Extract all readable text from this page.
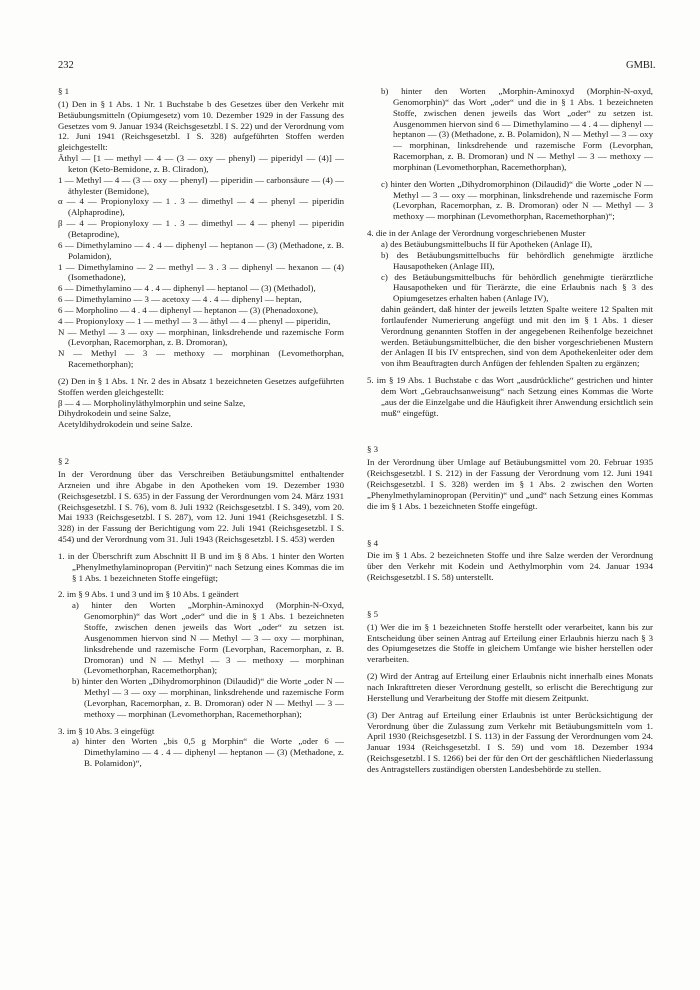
232	GMBl.

§ 1

(1) Den in § 1 Abs. 1 Nr. 1 Buchstabe b des Gesetzes über den Verkehr mit Betäubungsmitteln (Opiumgesetz) vom 10. Dezember 1929 in der Fassung des Gesetzes vom 9. Januar 1934 (Reichsgesetzbl. I S. 22) und der Verordnung vom 12. Juni 1941 (Reichsgesetzbl. I S. 328) aufgeführten Stoffen werden gleichgestellt:

Äthyl — [1 — methyl — 4 — (3 — oxy — phenyl) — piperidyl — (4)] — keton (Keto-Bemidone, z. B. Cliradon),

1 — Methyl — 4 — (3 — oxy — phenyl) — piperidin — carbonsäure — (4) — äthylester (Bemidone),

α — 4 — Propionyloxy — 1 . 3 — dimethyl — 4 — phenyl — piperidin (Alphaprodine),

β — 4 — Propionyloxy — 1 . 3 — dimethyl — 4 — phenyl — piperidin (Betaprodine),

6 — Dimethylamino — 4 . 4 — diphenyl — heptanon — (3) (Methadone, z. B. Polamidon),

1 — Dimethylamino — 2 — methyl — 3 . 3 — diphenyl — hexanon — (4) (Isomethadone),

6 — Dimethylamino — 4 . 4 — diphenyl — heptanol — (3) (Methadol),

6 — Dimethylamino — 3 — acetoxy — 4 . 4 — diphenyl — heptan,

6 — Morpholino — 4 . 4 — diphenyl — heptanon — (3) (Phenadoxone),

4 — Propionyloxy — 1 — methyl — 3 — äthyl — 4 — phenyl — piperidin,

N — Methyl — 3 — oxy — morphinan, linksdrehende und razemische Form (Levorphan, Racemorphan, z. B. Dromoran),

N — Methyl — 3 — methoxy — morphinan (Levomethorphan, Racemethorphan);

(2) Den in § 1 Abs. 1 Nr. 2 des in Absatz 1 bezeichneten Gesetzes aufgeführten Stoffen werden gleichgestellt:

β — 4 — Morpholinyläthylmorphin und seine Salze,

Dihydrokodein und seine Salze,

Acetyldihydrokodein und seine Salze.

§ 2

In der Verordnung über das Verschreiben Betäubungsmittel enthaltender Arzneien und ihre Abgabe in den Apotheken vom 19. Dezember 1930 (Reichsgesetzbl. I S. 635) in der Fassung der Verordnungen vom 24. März 1931 (Reichsgesetzbl. I S. 76), vom 8. Juli 1932 (Reichsgesetzbl. I S. 349), vom 20. Mai 1933 (Reichsgesetzbl. I S. 287), vom 12. Juni 1941 (Reichsgesetzbl. I S. 328) in der Fassung der Berichtigung vom 22. Juli 1941 (Reichsgesetzbl. I S. 454) und der Verordnung vom 31. Juli 1943 (Reichsgesetzbl. I S. 453) werden

1. in der Überschrift zum Abschnitt II B und im § 8 Abs. 1 hinter den Worten „Phenylmethylaminopropan (Pervitin)“ nach Setzung eines Kommas die im § 1 Abs. 1 bezeichneten Stoffe eingefügt;

2. im § 9 Abs. 1 und 3 und im § 10 Abs. 1 geändert

a) hinter den Worten „Morphin-Aminoxyd (Morphin-N-Oxyd, Genomorphin)“ das Wort „oder“ und die in § 1 Abs. 1 bezeichneten Stoffe, zwischen denen jeweils das Wort „oder“ zu setzen ist. Ausgenommen hiervon sind N — Methyl — 3 — oxy — morphinan, linksdrehende und razemische Form (Levorphan, Racemorphan, z. B. Dromoran) und N — Methyl — 3 — methoxy — morphinan (Levomethorphan, Racemethorphan);

b) hinter den Worten „Dihydromorphinon (Dilaudid)“ die Worte „oder N — Methyl — 3 — oxy — morphinan, linksdrehende und razemische Form (Levorphan, Racemorphan, z. B. Dromoran) oder N — Methyl — 3 — methoxy — morphinan (Levomethorphan, Racemethorphan);

3. im § 10 Abs. 3 eingefügt

a) hinter den Worten „bis 0,5 g Morphin“ die Worte „oder 6 — Dimethylamino — 4 . 4 — diphenyl — heptanon — (3) (Methadone, z. B. Polamidon)“,

b) hinter den Worten „Morphin-Aminoxyd (Morphin-N-oxyd, Genomorphin)“ das Wort „oder“ und die in § 1 Abs. 1 bezeichneten Stoffe, zwischen denen jeweils das Wort „oder“ zu setzen ist. Ausgenommen hiervon sind 6 — Dimethylamino — 4 . 4 — diphenyl — heptanon — (3) (Methadone, z. B. Polamidon), N — Methyl — 3 — oxy — morphinan, linksdrehende und razemische Form (Levorphan, Racemorphan, z. B. Dromoran) und N — Methyl — 3 — methoxy — morphinan (Levomethorphan, Racemethorphan),

c) hinter den Worten „Dihydromorphinon (Dilaudid)“ die Worte „oder N — Methyl — 3 — oxy — morphinan, linksdrehende und razemische Form (Levorphan, Racemorphan, z. B. Dromoran) oder N — Methyl — 3 methoxy — morphinan (Levomethorphan, Racemethorphan)“;

4. die in der Anlage der Verordnung vorgeschriebenen Muster

a) des Betäubungsmittelbuchs II für Apotheken (Anlage II),

b) des Betäubungsmittelbuchs für behördlich genehmigte ärztliche Hausapotheken (Anlage III),

c) des Betäubungsmittelbuchs für behördlich genehmigte tierärztliche Hausapotheken und für Tierärzte, die eine Erlaubnis nach § 3 des Opiumgesetzes erhalten haben (Anlage IV),

dahin geändert, daß hinter der jeweils letzten Spalte weitere 12 Spalten mit fortlaufender Numerierung angefügt und mit den im § 1 Abs. 1 dieser Verordnung genannten Stoffen in der angegebenen Reihenfolge bezeichnet werden. Betäubungsmittelbücher, die den bisher vorgeschriebenen Mustern der Anlagen II bis IV entsprechen, sind von dem Apothekenleiter oder dem von ihm Beauftragten durch Anfügen der fehlenden Spalten zu ergänzen;

5. im § 19 Abs. 1 Buchstabe c das Wort „ausdrückliche“ gestrichen und hinter dem Wort „Gebrauchsanweisung“ nach Setzung eines Kommas die Worte „aus der die Einzelgabe und die Häufigkeit ihrer Anwendung ersichtlich sein muß“ eingefügt.

§ 3

In der Verordnung über Umlage auf Betäubungsmittel vom 20. Februar 1935 (Reichsgesetzbl. I S. 212) in der Fassung der Verordnung vom 12. Juni 1941 (Reichsgesetzbl. I S. 328) werden im § 1 Abs. 2 zwischen den Worten „Phenylmethylaminopropan (Pervitin)“ und „und“ nach Setzung eines Kommas die im § 1 Abs. 1 bezeichneten Stoffe eingefügt.

§ 4

Die im § 1 Abs. 2 bezeichneten Stoffe und ihre Salze werden der Verordnung über den Verkehr mit Kodein und Aethylmorphin vom 24. Januar 1934 (Reichsgesetzbl. I S. 58) unterstellt.

§ 5

(1) Wer die im § 1 bezeichneten Stoffe herstellt oder verarbeitet, kann bis zur Entscheidung über seinen Antrag auf Erteilung einer Erlaubnis hierzu nach § 3 des Opiumgesetzes die Stoffe in gleichem Umfange wie bisher herstellen oder verarbeiten.

(2) Wird der Antrag auf Erteilung einer Erlaubnis nicht innerhalb eines Monats nach Inkrafttreten dieser Verordnung gestellt, so erlischt die Berechtigung zur Herstellung und Verarbeitung der Stoffe mit diesem Zeitpunkt.

(3) Der Antrag auf Erteilung einer Erlaubnis ist unter Berücksichtigung der Verordnung über die Zulassung zum Verkehr mit Betäubungsmitteln vom 1. April 1930 (Reichsgesetzbl. I S. 113) in der Fassung der Verordnungen vom 24. Januar 1934 (Reichsgesetzbl. I S. 59) und vom 18. Dezember 1934 (Reichsgesetzbl. I S. 1266) bei der für den Ort der geschäftlichen Niederlassung des Antragstellers zuständigen obersten Landesbehörde zu stellen.
